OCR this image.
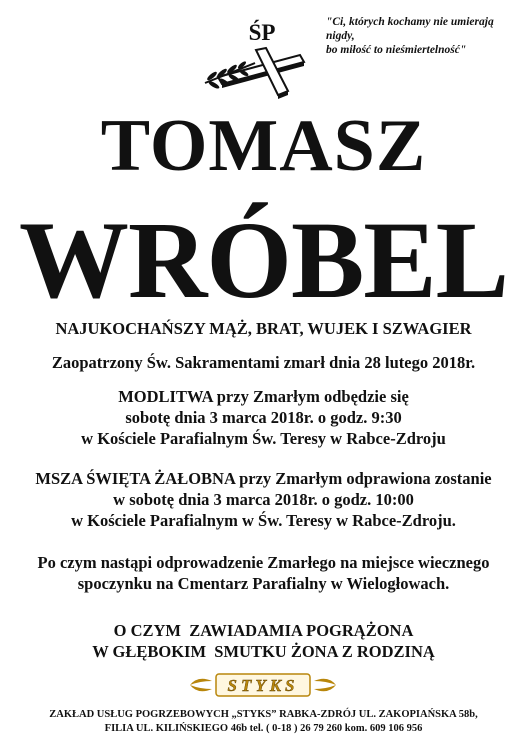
ŚP	"Ci, których kochamy nie umierają nigdy,
bo miłość to nieśmiertelność"
TOMASZ
WRÓBEL
NAJUKOCHAŃSZY MĄŻ, BRAT, WUJEK I SZWAGIER
Zaopatrzony Św. Sakramentami zmarł dnia 28 lutego 2018r.
MODLITWA przy Zmarłym odbędzie się
sobotę dnia 3 marca 2018r. o godz. 9:30
w Kościele Parafialnym Św. Teresy w Rabce-Zdroju
MSZA ŚWIĘTA ŻAŁOBNA przy Zmarłym odprawiona zostanie
w sobotę dnia 3 marca 2018r. o godz. 10:00
w Kościele Parafialnym w Św. Teresy w Rabce-Zdroju.
Po czym nastąpi odprowadzenie Zmarłego na miejsce wiecznego
spoczynku na Cmentarz Parafialny w Wielogłowach.
O CZYM  ZAWIADAMIA POGRĄŻONA
W GŁĘBOKIM  SMUTKU ŻONA Z RODZINĄ
STYKS
ZAKŁAD USŁUG POGRZEBOWYCH „STYKS” RABKA-ZDRÓJ UL. ZAKOPIAŃSKA 58b,
FILIA UL. KILIŃSKIEGO 46b tel. ( 0-18 ) 26 79 260 kom. 609 106 956
